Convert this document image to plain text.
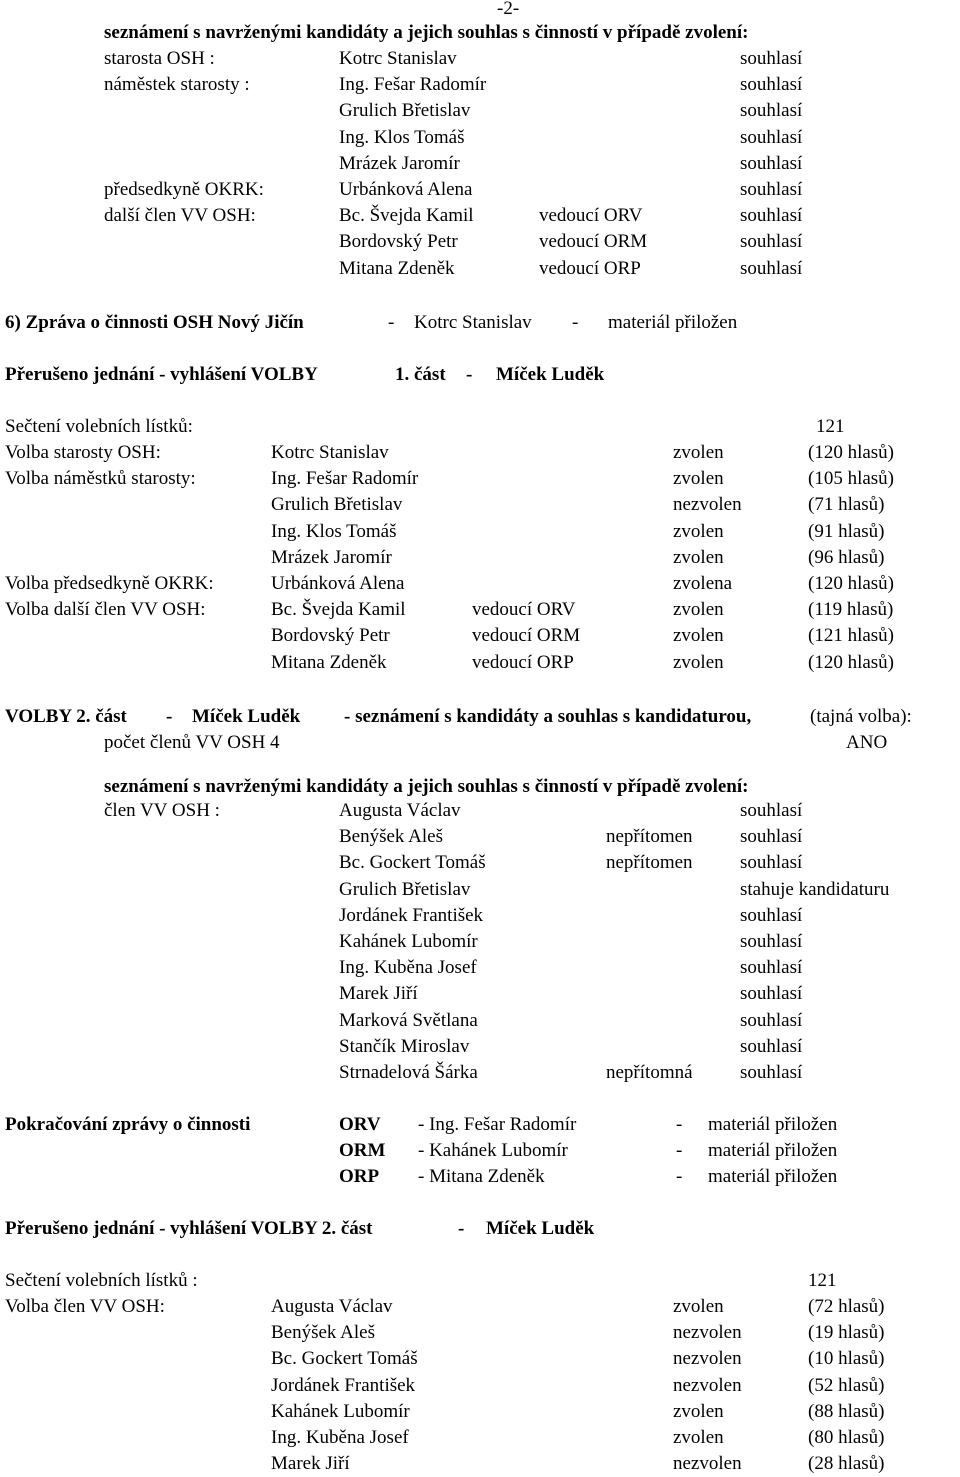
-2-
seznámení s navrženými kandidáty a jejich souhlas s činností v případě zvolení:
starosta OSH :	Kotrc Stanislav	souhlasí
náměstek starosty :	Ing. Fešar Radomír	souhlasí
Grulich Břetislav	souhlasí
Ing. Klos Tomáš	souhlasí
Mrázek Jaromír	souhlasí
předsedkyně OKRK:	Urbánková Alena	souhlasí
další člen VV OSH:	Bc. Švejda Kamil	vedoucí ORV	souhlasí
Bordovský Petr	vedoucí ORM	souhlasí
Mitana Zdeněk	vedoucí ORP	souhlasí
6) Zpráva o činnosti OSH Nový Jičín	- Kotrc Stanislav - materiál přiložen
Přerušeno jednání - vyhlášení VOLBY	1. část - Míček Luděk
Sečtení volebních lístků:	121
Volba starosty OSH:	Kotrc Stanislav	zvolen	(120 hlasů)
Volba náměstků starosty:	Ing. Fešar Radomír	zvolen	(105 hlasů)
Grulich Břetislav	nezvolen	(71 hlasů)
Ing. Klos Tomáš	zvolen	(91 hlasů)
Mrázek Jaromír	zvolen	(96 hlasů)
Volba předsedkyně OKRK:	Urbánková Alena	zvolena	(120 hlasů)
Volba další člen VV OSH:	Bc. Švejda Kamil	vedoucí ORV	zvolen	(119 hlasů)
Bordovský Petr	vedoucí ORM	zvolen	(121 hlasů)
Mitana Zdeněk	vedoucí ORP	zvolen	(120 hlasů)
VOLBY 2. část - Míček Luděk - seznámení s kandidáty a souhlas s kandidaturou,	(tajná volba):
počet členů VV OSH 4	ANO
seznámení s navrženými kandidáty a jejich souhlas s činností v případě zvolení:
člen VV OSH :	Augusta Václav	souhlasí
Benýšek Aleš	nepřítomen souhlasí
Bc. Gockert Tomáš	nepřítomen souhlasí
Grulich Břetislav	stahuje kandidaturu
Jordánek František	souhlasí
Kahánek Lubomír	souhlasí
Ing. Kuběna Josef	souhlasí
Marek Jiří	souhlasí
Marková Světlana	souhlasí
Stančík Miroslav	souhlasí
Strnadelová Šárka	nepřítomná souhlasí
Pokračování zprávy o činnosti	ORV - Ing. Fešar Radomír	- materiál přiložen
ORM - Kahánek Lubomír	- materiál přiložen
ORP - Mitana Zdeněk	- materiál přiložen
Přerušeno jednání - vyhlášení VOLBY 2. část	- Míček Luděk
Sečtení volebních lístků :	121
Volba člen VV OSH:	Augusta Václav	zvolen	(72 hlasů)
Benýšek Aleš	nezvolen	(19 hlasů)
Bc. Gockert Tomáš	nezvolen	(10 hlasů)
Jordánek František	nezvolen	(52 hlasů)
Kahánek Lubomír	zvolen	(88 hlasů)
Ing. Kuběna Josef	zvolen	(80 hlasů)
Marek Jiří	nezvolen	(28 hlasů)
